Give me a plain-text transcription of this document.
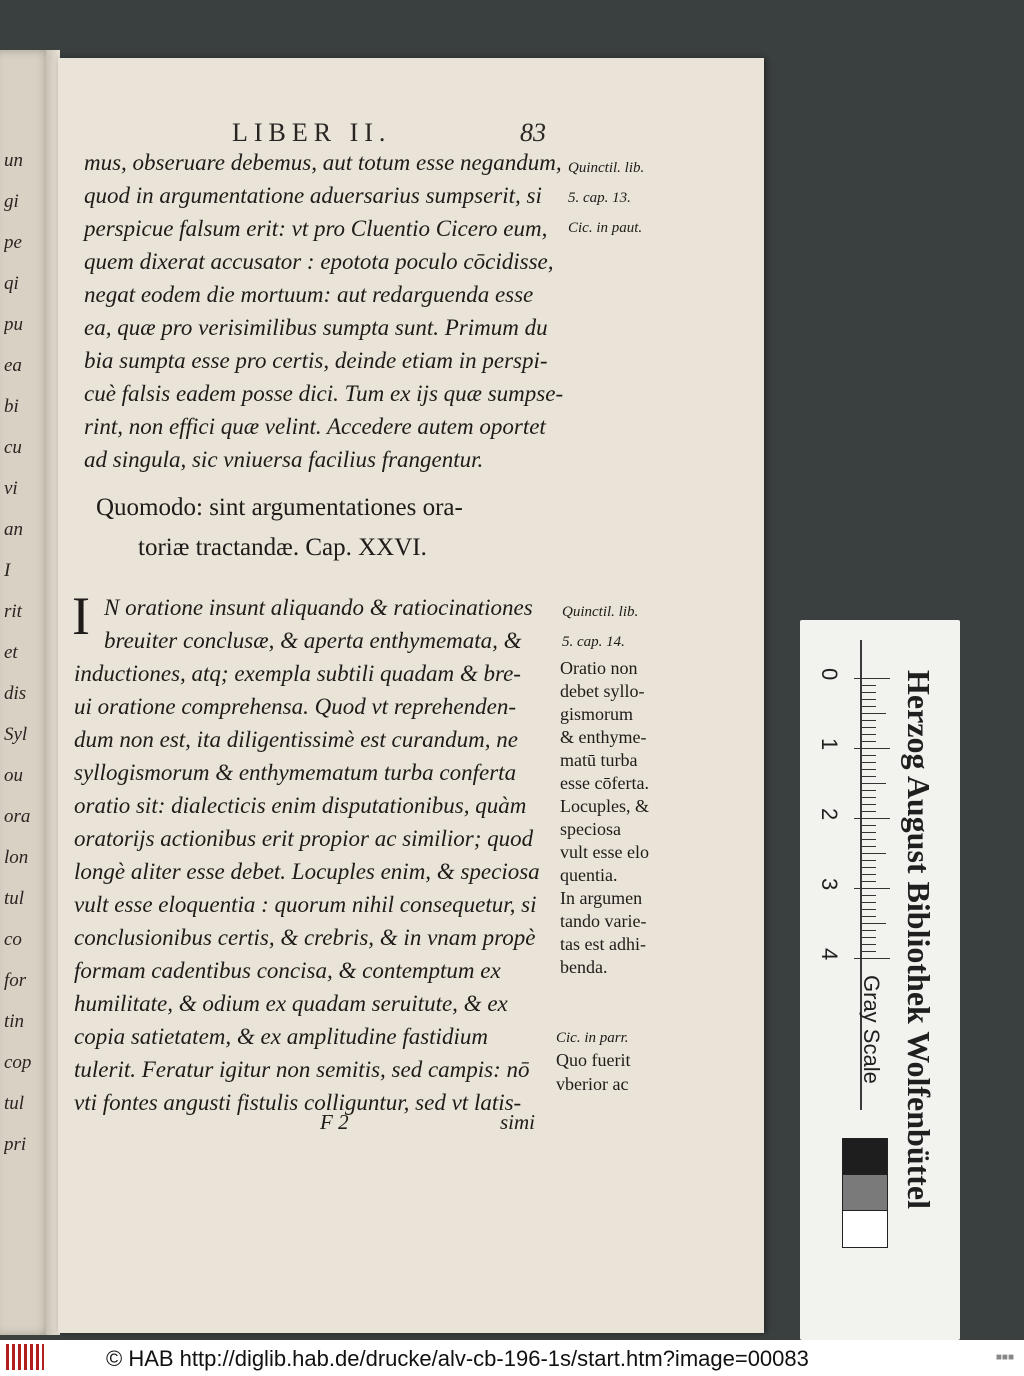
un
gi
pe
qi
pu
ea
bi
cu
vi
an
I
rit
et
dis
Syl
ou
ora
lon
tul
co
for
tin
cop
tul
pri
LIBER II.	83
mus, obseruare debemus, aut totum esse negandum,
quod in argumentatione aduersarius sumpserit, si
perspicue falsum erit: vt pro Cluentio Cicero eum,
quem dixerat accusator : epotota poculo cōcidisse,
negat eodem die mortuum: aut redarguenda esse
ea, quæ pro verisimilibus sumpta sunt. Primum du
bia sumpta esse pro certis, deinde etiam in perspi-
cuè falsis eadem posse dici. Tum ex ijs quæ sumpse-
rint, non effici quæ velint. Accedere autem oportet
ad singula, sic vniuersa facilius frangentur.
Quinctil. lib.
5. cap. 13.
Cic. in paut.
Quomodo: sint argumentationes ora-
toriæ tractandæ. Cap. XXVI.
I N oratione insunt aliquando & ratiocinationes
breuiter conclusæ, & aperta enthymemata, &
inductiones, atq; exempla subtili quadam & bre-
ui oratione comprehensa. Quod vt reprehenden-
dum non est, ita diligentissimè est curandum, ne
syllogismorum & enthymematum turba conferta
oratio sit: dialecticis enim disputationibus, quàm
oratorijs actionibus erit propior ac similior; quod
longè aliter esse debet. Locuples enim, & speciosa
vult esse eloquentia : quorum nihil consequetur, si
conclusionibus certis, & crebris, & in vnam propè
formam cadentibus concisa, & contemptum ex
humilitate, & odium ex quadam seruitute, & ex
copia satietatem, & ex amplitudine fastidium
tulerit. Feratur igitur non semitis, sed campis: nō
vti fontes angusti fistulis colliguntur, sed vt latis-
Quinctil. lib.
5. cap. 14.
Oratio non
debet syllo-
gismorum
& enthyme-
matū turba
esse cōferta.
Locuples, &
speciosa
vult esse elo
quentia.
In argumen
tando varie-
tas est adhi-
benda.
Cic. in parr.
Quo fuerit
vberior ac
F 2	simi
0
1
2
3
4 Herzog August Bibliothek Wolfenbüttel
Gray Scale
© HAB http://diglib.hab.de/drucke/alv-cb-196-1s/start.htm?image=00083	■■■
